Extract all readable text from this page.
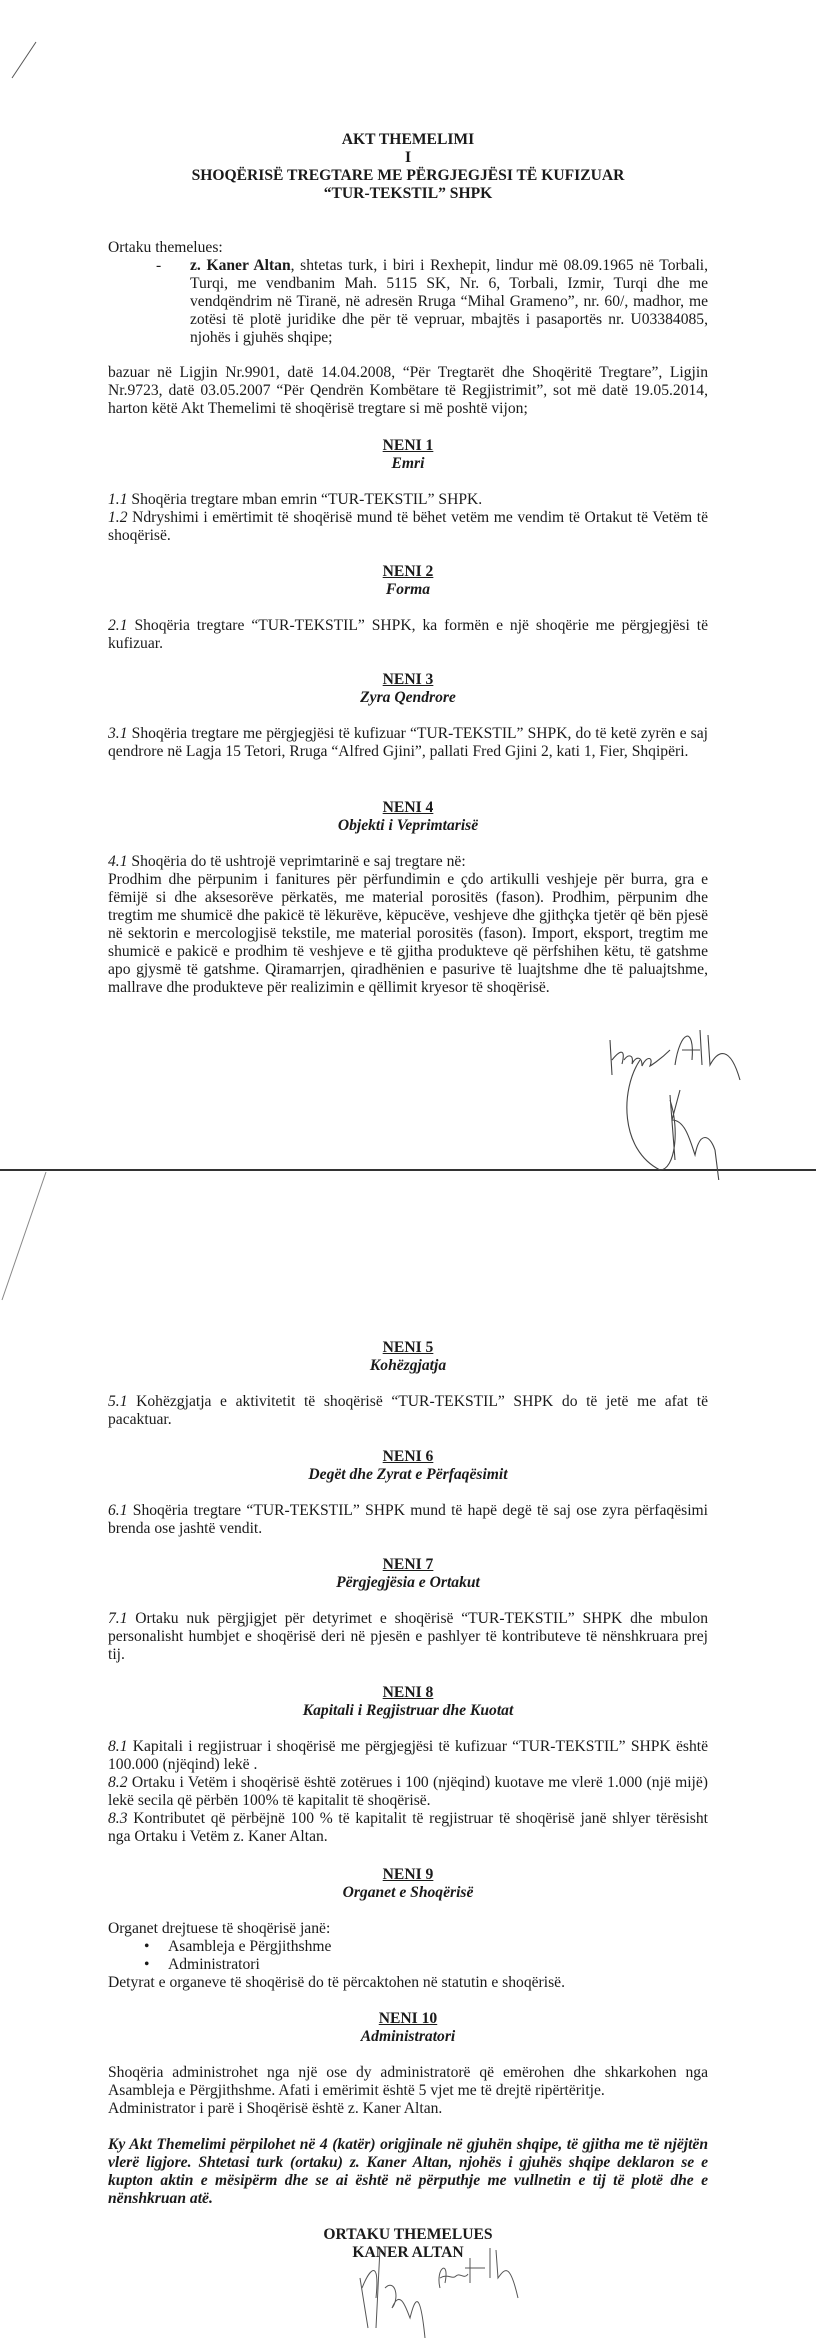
AKT THEMELIMI
I
SHOQËRISË TREGTARE ME PËRGJEGJËSI TË KUFIZUAR
“TUR-TEKSTIL” SHPK
Ortaku themelues:
-	z. Kaner Altan, shtetas turk, i biri i Rexhepit, lindur më 08.09.1965 në Torbali, Turqi, me vendbanim Mah. 5115 SK, Nr. 6, Torbali, Izmir, Turqi dhe me vendqëndrim në Tiranë, në adresën Rruga “Mihal Grameno”, nr. 60/, madhor, me zotësi të plotë juridike dhe për të vepruar, mbajtës i pasaportës nr. U03384085, njohës i gjuhës shqipe;

bazuar në Ligjin Nr.9901, datë 14.04.2008, “Për Tregtarët dhe Shoqëritë Tregtare”, Ligjin Nr.9723, datë 03.05.2007 “Për Qendrën Kombëtare të Regjistrimit”, sot më datë 19.05.2014, harton këtë Akt Themelimi të shoqërisë tregtare si më poshtë vijon;

NENI 1
Emri

1.1 Shoqëria tregtare mban emrin “TUR-TEKSTIL” SHPK.

1.2 Ndryshimi i emërtimit të shoqërisë mund të bëhet vetëm me vendim të Ortakut të Vetëm të shoqërisë.

NENI 2
Forma

2.1 Shoqëria tregtare “TUR-TEKSTIL” SHPK, ka formën e një shoqërie me përgjegjësi të kufizuar.

NENI 3
Zyra Qendrore

3.1 Shoqëria tregtare me përgjegjësi të kufizuar “TUR-TEKSTIL” SHPK, do të ketë zyrën e saj qendrore në Lagja 15 Tetori, Rruga “Alfred Gjini”, pallati Fred Gjini 2, kati 1, Fier, Shqipëri.

NENI 4
Objekti i Veprimtarisë

4.1 Shoqëria do të ushtrojë veprimtarinë e saj tregtare në:

Prodhim dhe përpunim i fanitures për përfundimin e çdo artikulli veshjeje për burra, gra e fëmijë si dhe aksesorëve përkatës, me material porositës (fason). Prodhim, përpunim dhe tregtim me shumicë dhe pakicë të lëkurëve, këpucëve, veshjeve dhe gjithçka tjetër që bën pjesë në sektorin e mercologjisë tekstile, me material porositës (fason). Import, eksport, tregtim me shumicë e pakicë e prodhim të veshjeve e të gjitha produkteve që përfshihen këtu, të gatshme apo gjysmë të gatshme. Qiramarrjen, qiradhënien e pasurive të luajtshme dhe të paluajtshme, mallrave dhe produkteve për realizimin e qëllimit kryesor të shoqërisë.

NENI 5
Kohëzgjatja

5.1 Kohëzgjatja e aktivitetit të shoqërisë “TUR-TEKSTIL” SHPK do të jetë me afat të pacaktuar.

NENI 6
Degët dhe Zyrat e Përfaqësimit

6.1 Shoqëria tregtare “TUR-TEKSTIL” SHPK mund të hapë degë të saj ose zyra përfaqësimi brenda ose jashtë vendit.

NENI 7
Përgjegjësia e Ortakut

7.1 Ortaku nuk përgjigjet për detyrimet e shoqërisë “TUR-TEKSTIL” SHPK dhe mbulon personalisht humbjet e shoqërisë deri në pjesën e pashlyer të kontributeve të nënshkruara prej tij.

NENI 8
Kapitali i Regjistruar dhe Kuotat

8.1 Kapitali i regjistruar i shoqërisë me përgjegjësi të kufizuar “TUR-TEKSTIL” SHPK është 100.000 (njëqind) lekë .

8.2 Ortaku i Vetëm i shoqërisë është zotërues i 100 (njëqind) kuotave me vlerë 1.000 (një mijë) lekë secila që përbën 100% të kapitalit të shoqërisë.

8.3 Kontributet që përbëjnë 100 % të kapitalit të regjistruar të shoqërisë janë shlyer tërësisht nga Ortaku i Vetëm z. Kaner Altan.

NENI 9
Organet e Shoqërisë

Organet drejtuese të shoqërisë janë:

• Asambleja e Përgjithshme
• Administratori

Detyrat e organeve të shoqërisë do të përcaktohen në statutin e shoqërisë.

NENI 10
Administratori

Shoqëria administrohet nga një ose dy administratorë që emërohen dhe shkarkohen nga Asambleja e Përgjithshme. Afati i emërimit është 5 vjet me të drejtë ripërtëritje.

Administrator i parë i Shoqërisë është z. Kaner Altan.

Ky Akt Themelimi përpilohet në 4 (katër) origjinale në gjuhën shqipe, të gjitha me të njëjtën vlerë ligjore. Shtetasi turk (ortaku) z. Kaner Altan, njohës i gjuhës shqipe deklaron se e kupton aktin e mësipërm dhe se ai është në përputhje me vullnetin e tij të plotë dhe e nënshkruan atë.

ORTAKU THEMELUES
KANER ALTAN
